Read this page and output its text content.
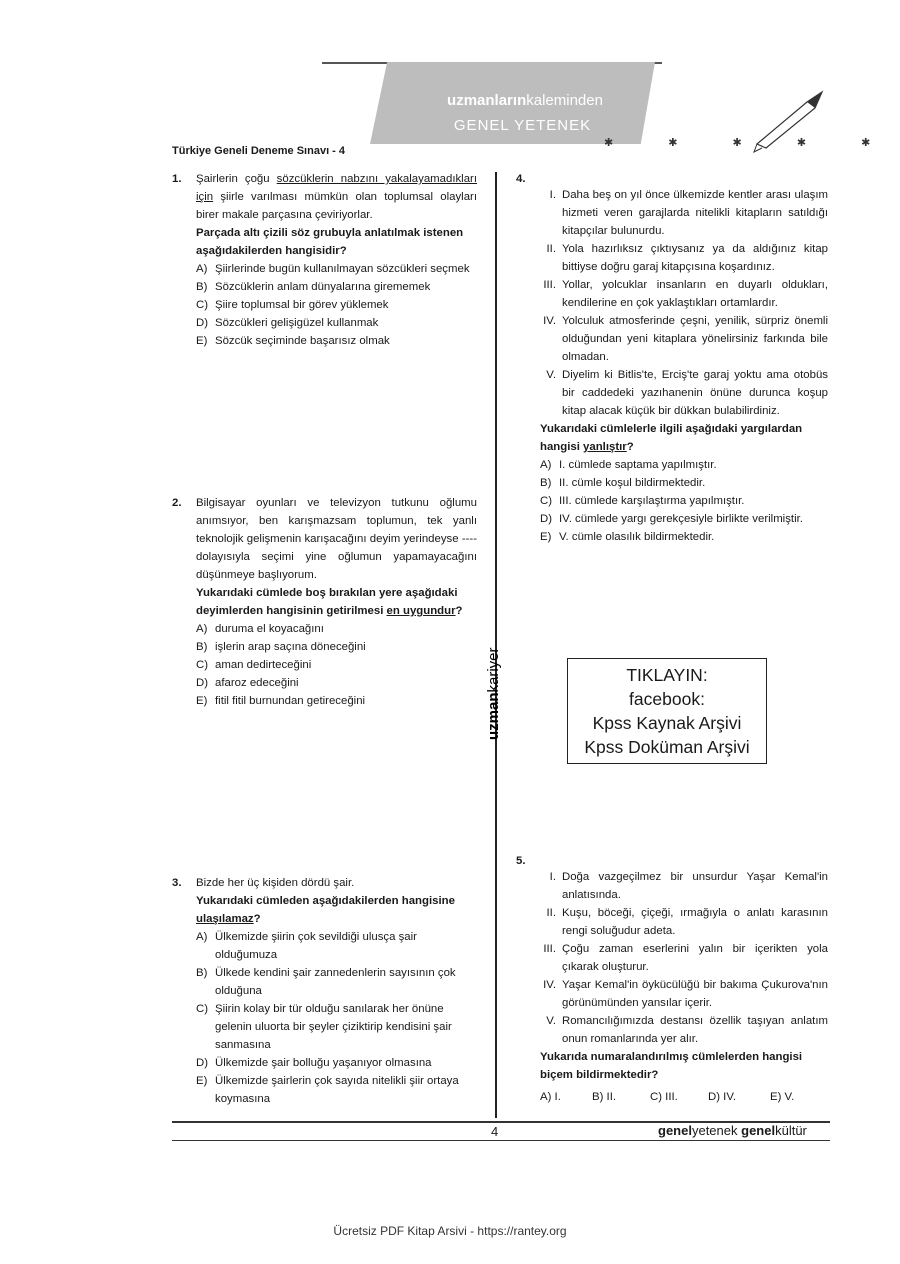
uzmanlarınkaleminden
GENEL YETENEK
✱ ✱ ✱ ✱ ✱
Türkiye Geneli Deneme Sınavı - 4
uzmankariyer
1. Şairlerin çoğu sözcüklerin nabzını yakalayamadıkları için şiirle varılması mümkün olan toplumsal olayları birer makale parçasına çeviriyorlar.

Parçada altı çizili söz grubuyla anlatılmak istenen aşağıdakilerden hangisidir?

A) Şiirlerinde bugün kullanılmayan sözcükleri seçmek
B) Sözcüklerin anlam dünyalarına girememek
C) Şiire toplumsal bir görev yüklemek
D) Sözcükleri gelişigüzel kullanmak
E) Sözcük seçiminde başarısız olmak
2. Bilgisayar oyunları ve televizyon tutkunu oğlumu anımsıyor, ben karışmazsam toplumun, tek yanlı teknolojik gelişmenin karışacağını deyim yerindeyse ---- dolayısıyla seçimi yine oğlumun yapamayacağını düşünmeye başlıyorum.

Yukarıdaki cümlede boş bırakılan yere aşağıdaki deyimlerden hangisinin getirilmesi en uygundur?

A) duruma el koyacağını
B) işlerin arap saçına döneceğini
C) aman dedirteceğini
D) afaroz edeceğini
E) fitil fitil burnundan getireceğini
3. Bizde her üç kişiden dördü şair.

Yukarıdaki cümleden aşağıdakilerden hangisine ulaşılamaz?

A) Ülkemizde şiirin çok sevildiği ulusça şair olduğumuza
B) Ülkede kendini şair zannedenlerin sayısının çok olduğuna
C) Şiirin kolay bir tür olduğu sanılarak her önüne gelenin uluorta bir şeyler çiziktirip kendisini şair sanmasına
D) Ülkemizde şair bolluğu yaşanıyor olmasına
E) Ülkemizde şairlerin çok sayıda nitelikli şiir ortaya koymasına
4.
I. Daha beş on yıl önce ülkemizde kentler arası ulaşım hizmeti veren garajlarda nitelikli kitapların satıldığı kitapçılar bulunurdu.
II. Yola hazırlıksız çıktıysanız ya da aldığınız kitap bittiyse doğru garaj kitapçısına koşardınız.
III. Yollar, yolcuklar insanların en duyarlı oldukları, kendilerine en çok yaklaştıkları ortamlardır.
IV. Yolculuk atmosferinde çeşni, yenilik, sürpriz önemli olduğundan yeni kitaplara yönelirsiniz farkında bile olmadan.
V. Diyelim ki Bitlis'te, Erciş'te garaj yoktu ama otobüs bir caddedeki yazıhanenin önüne durunca koşup kitap alacak küçük bir dükkan bulabilirdiniz.

Yukarıdaki cümlelerle ilgili aşağıdaki yargılardan hangisi yanlıştır?

A) I. cümlede saptama yapılmıştır.
B) II. cümle koşul bildirmektedir.
C) III. cümlede karşılaştırma yapılmıştır.
D) IV. cümlede yargı gerekçesiyle birlikte verilmiştir.
E) V. cümle olasılık bildirmektedir.
TIKLAYIN:
facebook:
Kpss Kaynak Arşivi
Kpss Doküman Arşivi
5.
I. Doğa vazgeçilmez bir unsurdur Yaşar Kemal'in anlatısında.
II. Kuşu, böceği, çiçeği, ırmağıyla o anlatı karasının rengi soluğudur adeta.
III. Çoğu zaman eserlerini yalın bir içerikten yola çıkarak oluşturur.
IV. Yaşar Kemal'in öykücülüğü bir bakıma Çukurova'nın görünümünden yansılar içerir.
V. Romancılığımızda destansı özellik taşıyan anlatım onun romanlarında yer alır.

Yukarıda numaralandırılmış cümlelerden hangisi biçem bildirmektedir?

A) I.	B) II.	C) III.	D) IV.	E) V.
4	genelyetenek genelkültür
Ücretsiz PDF Kitap Arsivi - https://rantey.org
